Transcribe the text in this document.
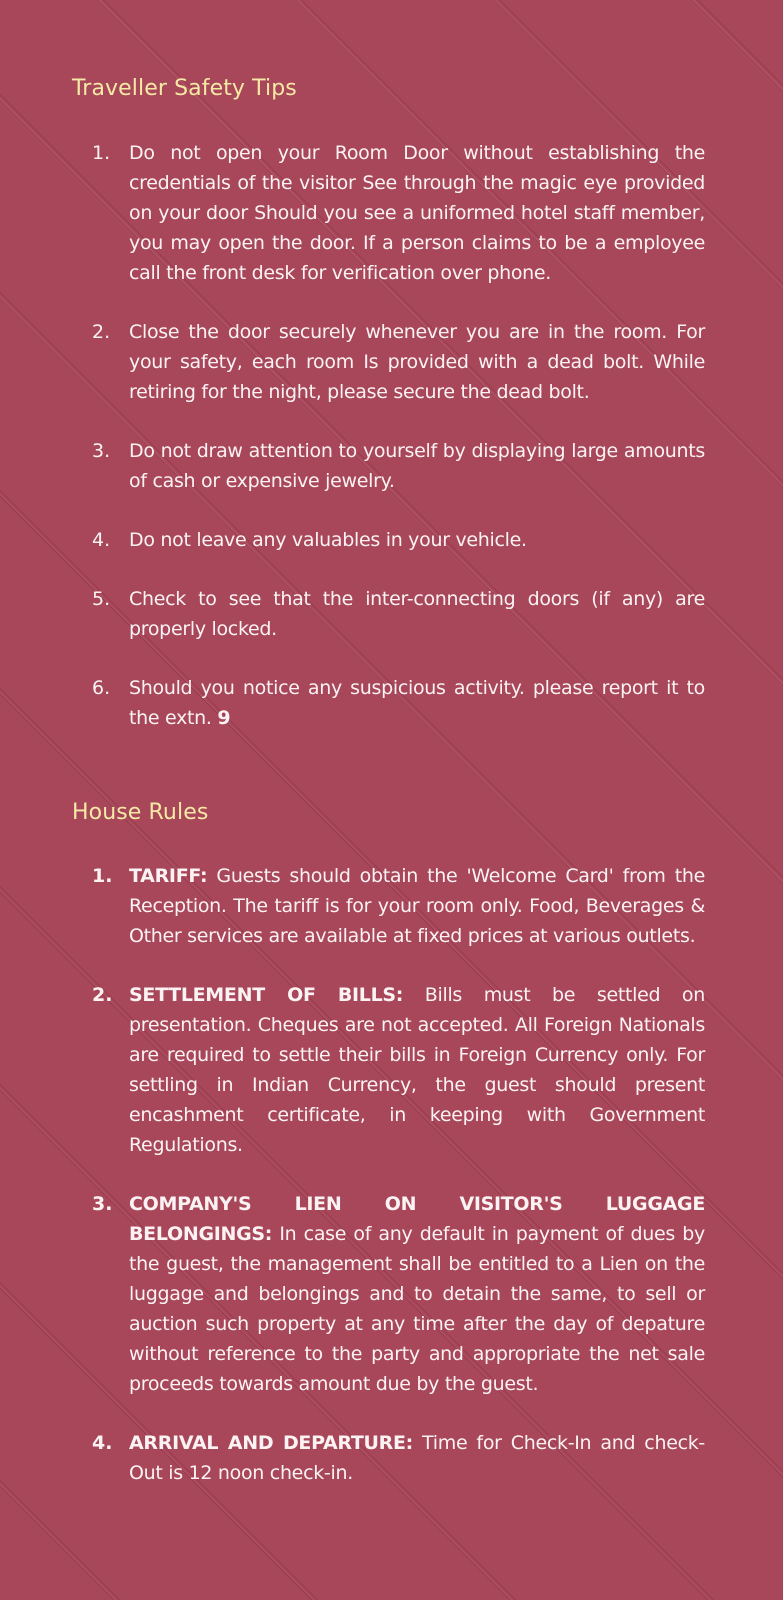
Traveller Safety Tips
1. Do not open your Room Door without establishing the credentials of the visitor See through the magic eye provided on your door Should you see a uniformed hotel staff member, you may open the door. If a person claims to be a employee call the front desk for verification over phone.
2. Close the door securely whenever you are in the room. For your safety, each room Is provided with a dead bolt. While retiring for the night, please secure the dead bolt.
3. Do not draw attention to yourself by displaying large amounts of cash or expensive jewelry.
4. Do not leave any valuables in your vehicle.
5. Check to see that the inter-connecting doors (if any) are properly locked.
6. Should you notice any suspicious activity. please report it to the extn. 9
House Rules
1. TARIFF: Guests should obtain the 'Welcome Card' from the Reception. The tariff is for your room only. Food, Beverages & Other services are available at fixed prices at various outlets.
2. SETTLEMENT OF BILLS: Bills must be settled on presentation. Cheques are not accepted. All Foreign Nationals are required to settle their bills in Foreign Currency only. For settling in Indian Currency, the guest should present encashment certificate, in keeping with Government Regulations.
3. COMPANY'S LIEN ON VISITOR'S LUGGAGE BELONGINGS: In case of any default in payment of dues by the guest, the management shall be entitled to a Lien on the luggage and belongings and to detain the same, to sell or auction such property at any time after the day of depature without reference to the party and appropriate the net sale proceeds towards amount due by the guest.
4. ARRIVAL AND DEPARTURE: Time for Check-In and check-Out is 12 noon check-in.
